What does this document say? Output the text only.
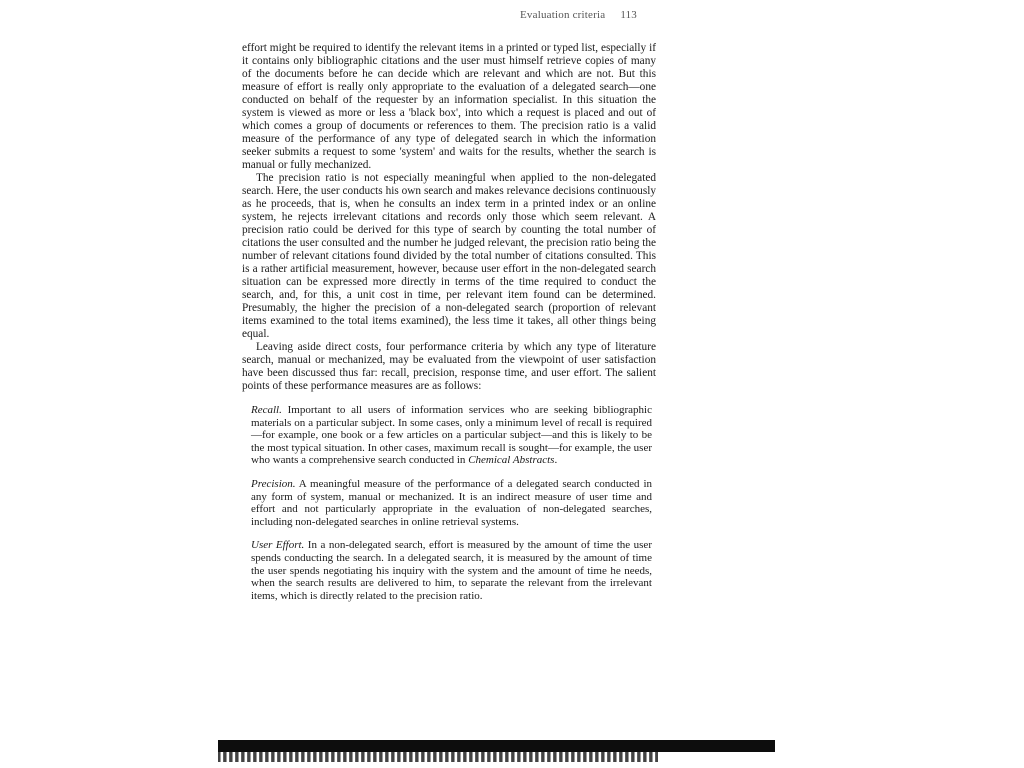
Evaluation criteria 113

effort might be required to identify the relevant items in a printed or typed list, especially if it contains only bibliographic citations and the user must himself retrieve copies of many of the documents before he can decide which are relevant and which are not. But this measure of effort is really only appropriate to the evaluation of a delegated search—one conducted on behalf of the requester by an information specialist. In this situation the system is viewed as more or less a 'black box', into which a request is placed and out of which comes a group of documents or references to them. The precision ratio is a valid measure of the performance of any type of delegated search in which the information seeker submits a request to some 'system' and waits for the results, whether the search is manual or fully mechanized.

The precision ratio is not especially meaningful when applied to the non-delegated search. Here, the user conducts his own search and makes relevance decisions continuously as he proceeds, that is, when he consults an index term in a printed index or an online system, he rejects irrelevant citations and records only those which seem relevant. A precision ratio could be derived for this type of search by counting the total number of citations the user consulted and the number he judged relevant, the precision ratio being the number of relevant citations found divided by the total number of citations consulted. This is a rather artificial measurement, however, because user effort in the non-delegated search situation can be expressed more directly in terms of the time required to conduct the search, and, for this, a unit cost in time, per relevant item found can be determined. Presumably, the higher the precision of a non-delegated search (proportion of relevant items examined to the total items examined), the less time it takes, all other things being equal.

Leaving aside direct costs, four performance criteria by which any type of literature search, manual or mechanized, may be evaluated from the viewpoint of user satisfaction have been discussed thus far: recall, precision, response time, and user effort. The salient points of these performance measures are as follows:

Recall. Important to all users of information services who are seeking bibliographic materials on a particular subject. In some cases, only a minimum level of recall is required—for example, one book or a few articles on a particular subject—and this is likely to be the most typical situation. In other cases, maximum recall is sought—for example, the user who wants a comprehensive search conducted in Chemical Abstracts.

Precision. A meaningful measure of the performance of a delegated search conducted in any form of system, manual or mechanized. It is an indirect measure of user time and effort and not particularly appropriate in the evaluation of non-delegated searches, including non-delegated searches in online retrieval systems.

User Effort. In a non-delegated search, effort is measured by the amount of time the user spends conducting the search. In a delegated search, it is measured by the amount of time the user spends negotiating his inquiry with the system and the amount of time he needs, when the search results are delivered to him, to separate the relevant from the irrelevant items, which is directly related to the precision ratio.
